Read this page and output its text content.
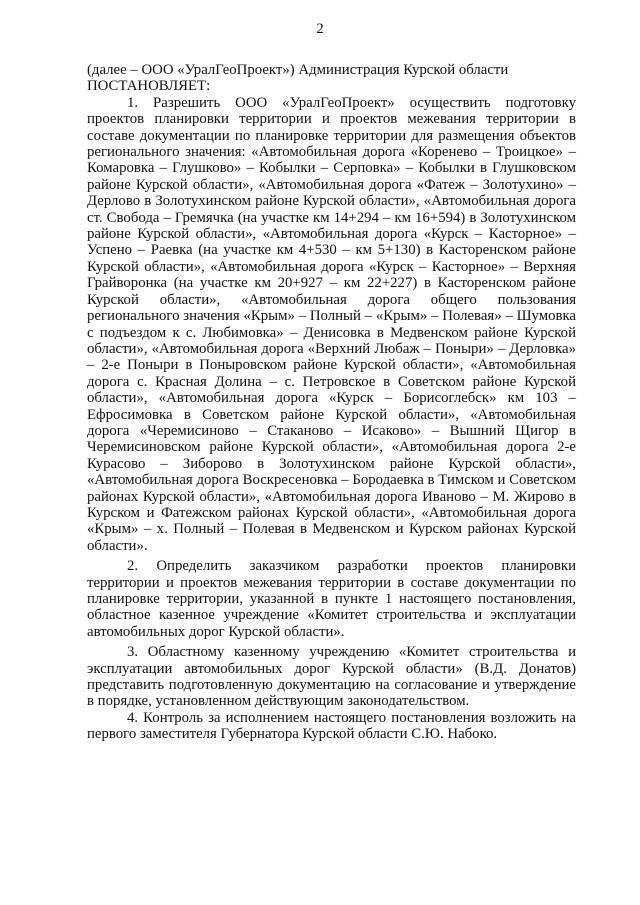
2

(далее – ООО «УралГеоПроект») Администрация Курской области

ПОСТАНОВЛЯЕТ:

1. Разрешить ООО «УралГеоПроект» осуществить подготовку проектов планировки территории и проектов межевания территории в составе документации по планировке территории для размещения объектов регионального значения: «Автомобильная дорога «Коренево – Троицкое» – Комаровка – Глушково» – Кобылки – Серповка» – Кобылки в Глушковском районе Курской области», «Автомобильная дорога «Фатеж – Золотухино» – Дерлово в Золотухинском районе Курской области», «Автомобильная дорога ст. Свобода – Гремячка (на участке км 14+294 – км 16+594) в Золотухинском районе Курской области», «Автомобильная дорога «Курск – Касторное» – Успено – Раевка (на участке км 4+530 – км 5+130) в Касторенском районе Курской области», «Автомобильная дорога «Курск – Касторное» – Верхняя Грайворонка (на участке км 20+927 – км 22+227) в Касторенском районе Курской области», «Автомобильная дорога общего пользования регионального значения «Крым» – Полный – «Крым» – Полевая» – Шумовка с подъездом к с. Любимовка» – Денисовка в Медвенском районе Курской области», «Автомобильная дорога «Верхний Любаж – Поныри» – Дерловка» – 2-е Поныри в Поныровском районе Курской области», «Автомобильная дорога с. Красная Долина – с. Петровское в Советском районе Курской области», «Автомобильная дорога «Курск – Борисоглебск» км 103 – Ефросимовка в Советском районе Курской области», «Автомобильная дорога «Черемисиново – Стаканово – Исаково» – Вышний Щигор в Черемисиновском районе Курской области», «Автомобильная дорога 2-е Курасово – Зиборово в Золотухинском районе Курской области», «Автомобильная дорога Воскресеновка – Бородаевка в Тимском и Советском районах Курской области», «Автомобильная дорога Иваново – М. Жирово в Курском и Фатежском районах Курской области», «Автомобильная дорога «Крым» – х. Полный – Полевая в Медвенском и Курском районах Курской области».

2. Определить заказчиком разработки проектов планировки территории и проектов межевания территории в составе документации по планировке территории, указанной в пункте 1 настоящего постановления, областное казенное учреждение «Комитет строительства и эксплуатации автомобильных дорог Курской области».

3. Областному казенному учреждению «Комитет строительства и эксплуатации автомобильных дорог Курской области» (В.Д. Донатов) представить подготовленную документацию на согласование и утверждение в порядке, установленном действующим законодательством.

4. Контроль за исполнением настоящего постановления возложить на первого заместителя Губернатора Курской области С.Ю. Набоко.
